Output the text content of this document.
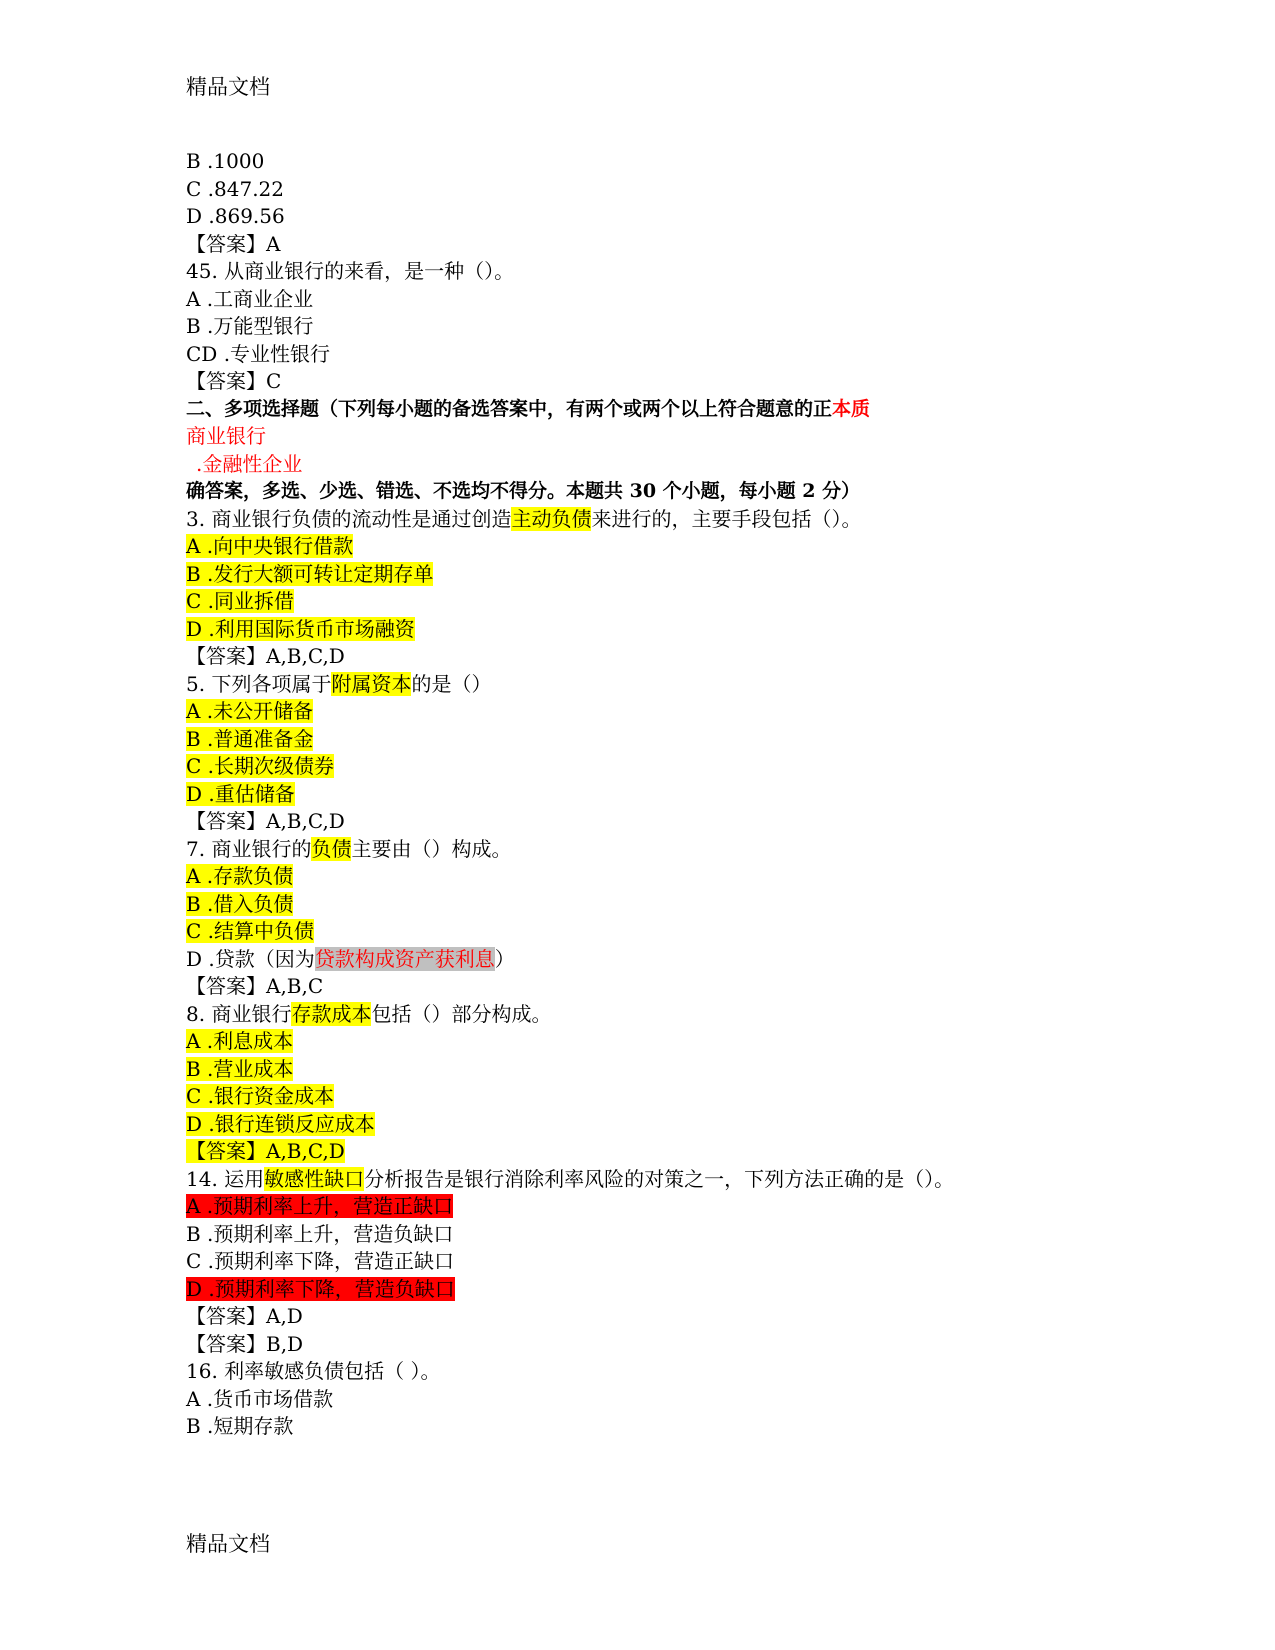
精品文档
B .1000
C .847.22
D .869.56
【答案】A
45. 从商业银行的来看，是一种（）。
A .工商业企业
B .万能型银行
CD .专业性银行
【答案】C
二、多项选择题（下列每小题的备选答案中，有两个或两个以上符合题意的正本质
商业银行
.金融性企业
确答案，多选、少选、错选、不选均不得分。本题共 30 个小题，每小题 2 分）
3. 商业银行负债的流动性是通过创造主动负债来进行的，主要手段包括（）。
A .向中央银行借款
B .发行大额可转让定期存单
C .同业拆借
D .利用国际货币市场融资
【答案】A,B,C,D
5. 下列各项属于附属资本的是（）
A .未公开储备
B .普通准备金
C .长期次级债券
D .重估储备
【答案】A,B,C,D
7. 商业银行的负债主要由（）构成。
A .存款负债
B .借入负债
C .结算中负债
D .贷款（因为贷款构成资产获利息）
【答案】A,B,C
8. 商业银行存款成本包括（）部分构成。
A .利息成本
B .营业成本
C .银行资金成本
D .银行连锁反应成本
【答案】A,B,C,D
14. 运用敏感性缺口分析报告是银行消除利率风险的对策之一，下列方法正确的是（）。
A .预期利率上升，营造正缺口
B .预期利率上升，营造负缺口
C .预期利率下降，营造正缺口
D .预期利率下降，营造负缺口
【答案】A,D
【答案】B,D
16. 利率敏感负债包括（ ）。
A .货币市场借款
B .短期存款
精品文档
